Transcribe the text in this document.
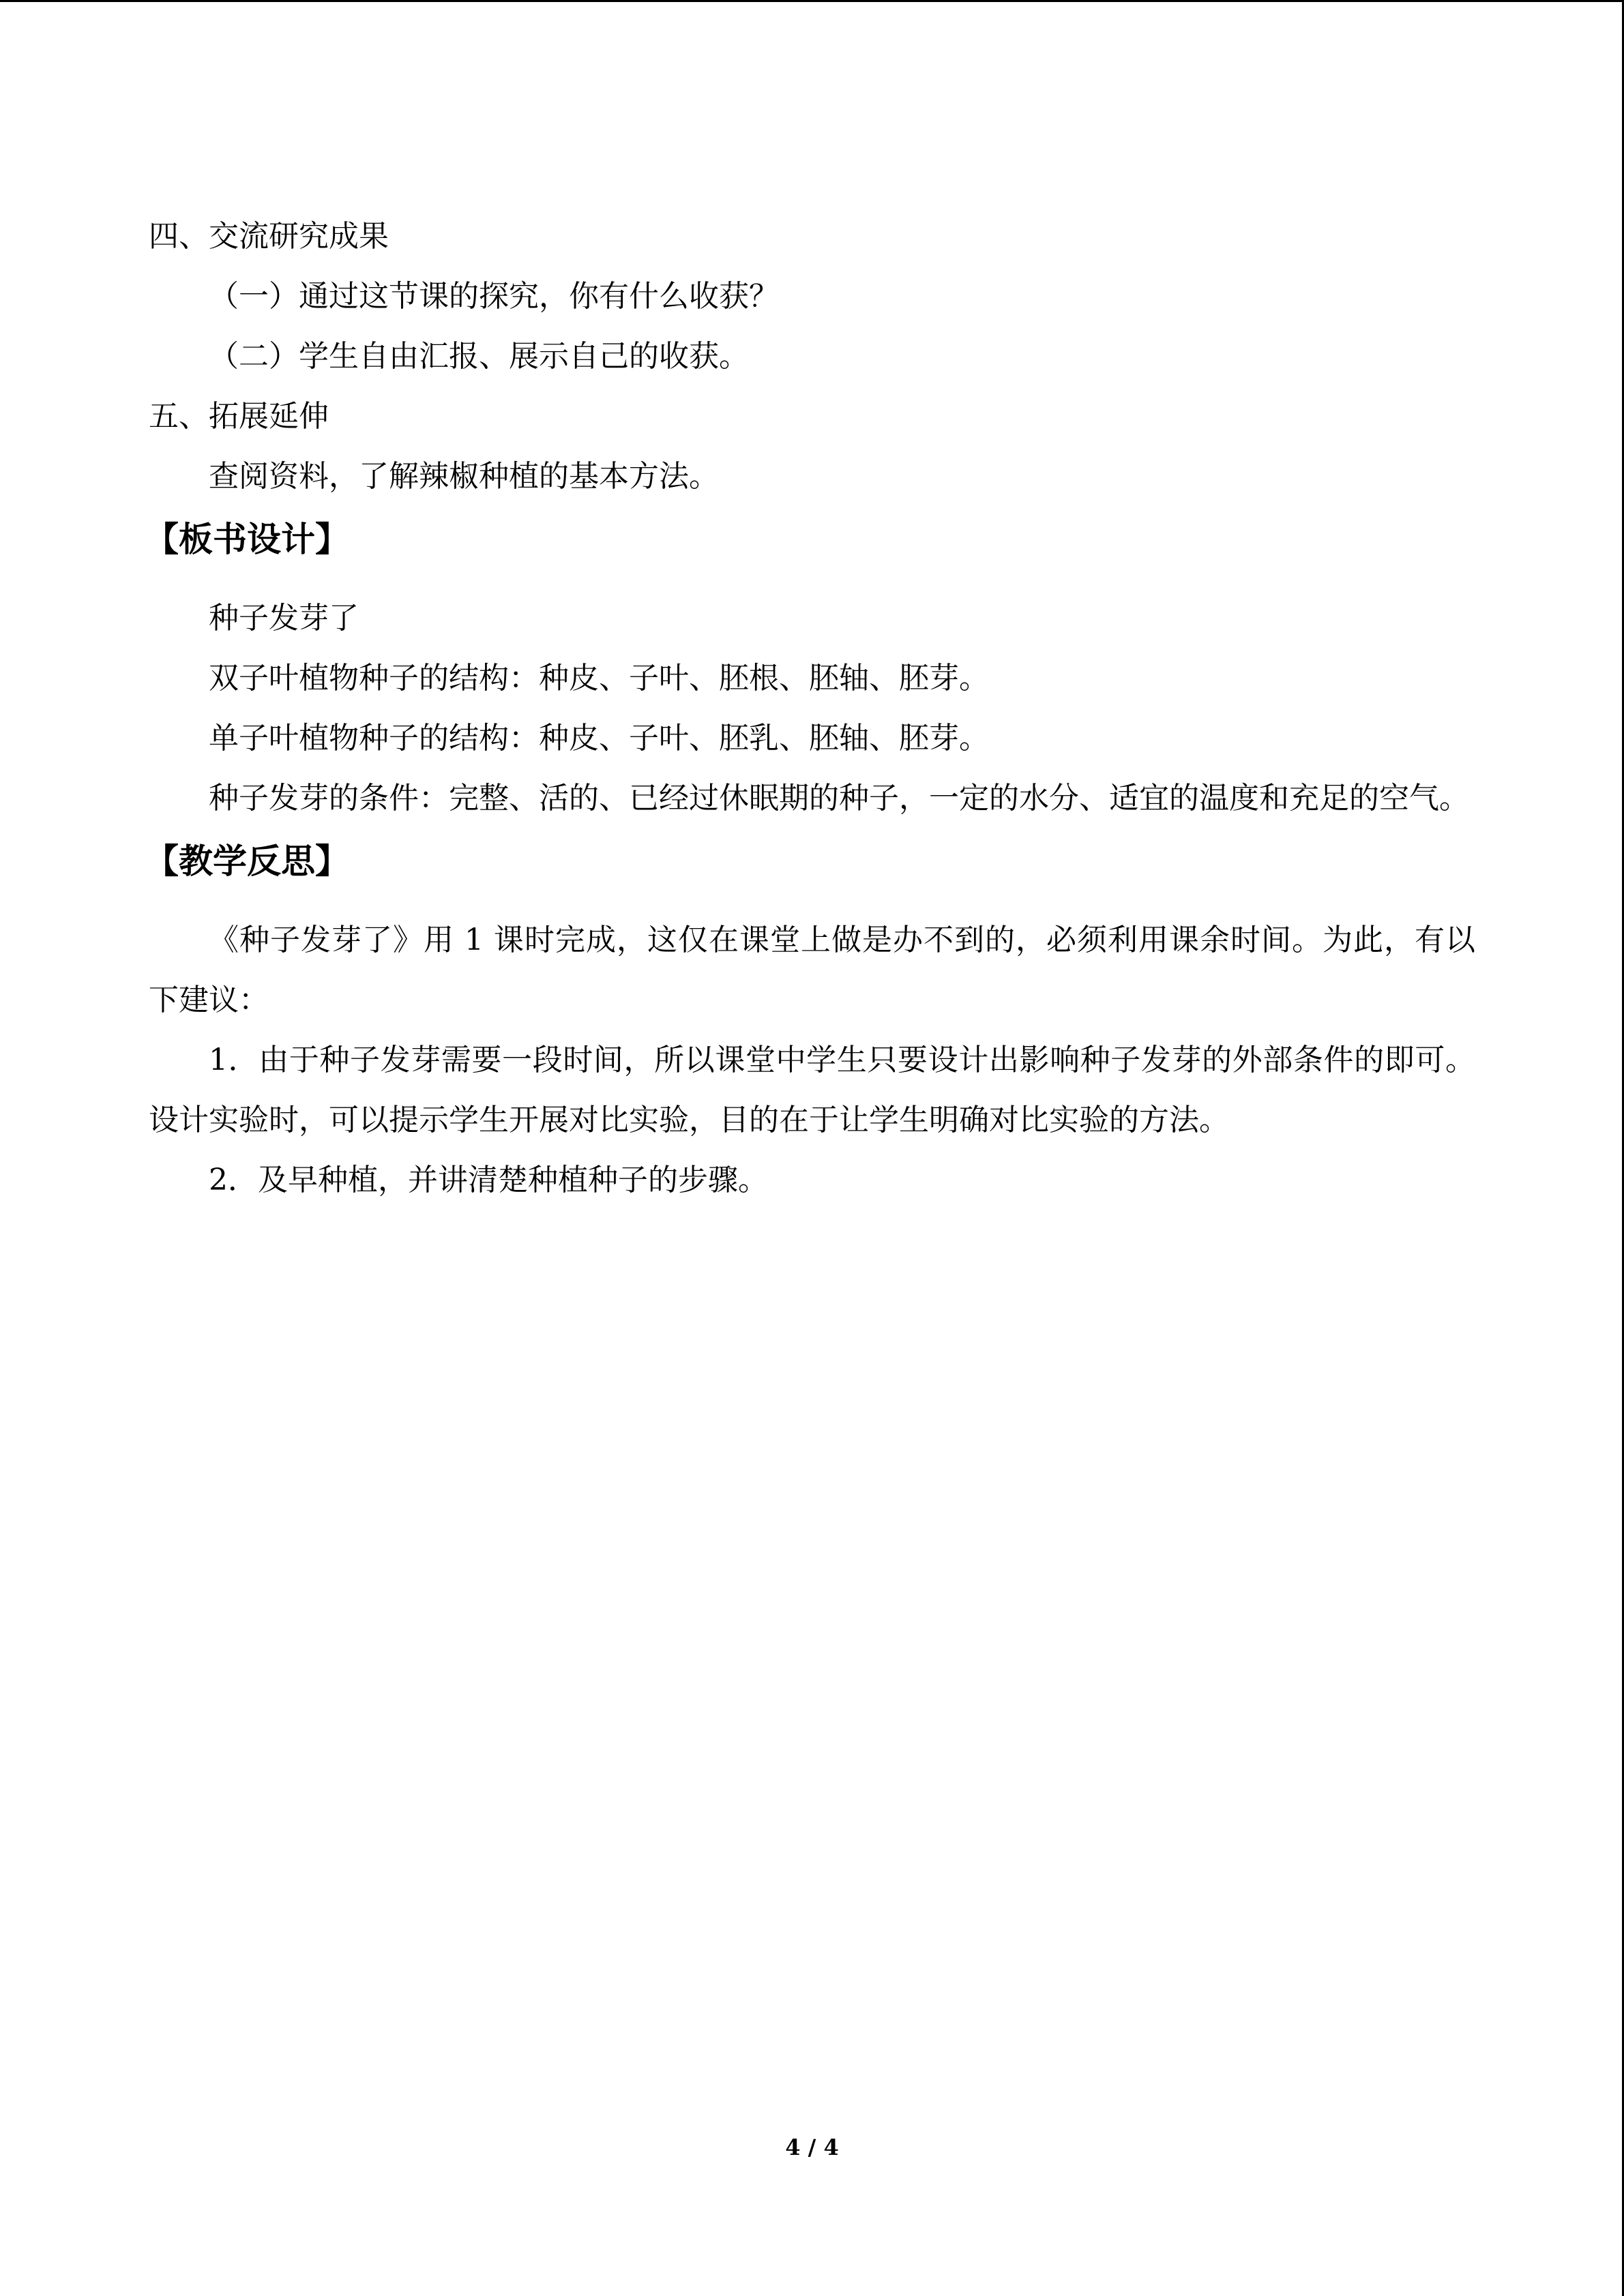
四、交流研究成果
（一）通过这节课的探究，你有什么收获？
（二）学生自由汇报、展示自己的收获。
五、拓展延伸
查阅资料，了解辣椒种植的基本方法。
【板书设计】
种子发芽了
双子叶植物种子的结构：种皮、子叶、胚根、胚轴、胚芽。
单子叶植物种子的结构：种皮、子叶、胚乳、胚轴、胚芽。

种子发芽的条件：完整、活的、已经过休眠期的种子，一定的水分、适宜的温度和充足的空气。

【教学反思】

《种子发芽了》用 1 课时完成，这仅在课堂上做是办不到的，必须利用课余时间。为此，有以下建议：

1．由于种子发芽需要一段时间，所以课堂中学生只要设计出影响种子发芽的外部条件的即可。设计实验时，可以提示学生开展对比实验，目的在于让学生明确对比实验的方法。

2．及早种植，并讲清楚种植种子的步骤。

4 / 4
